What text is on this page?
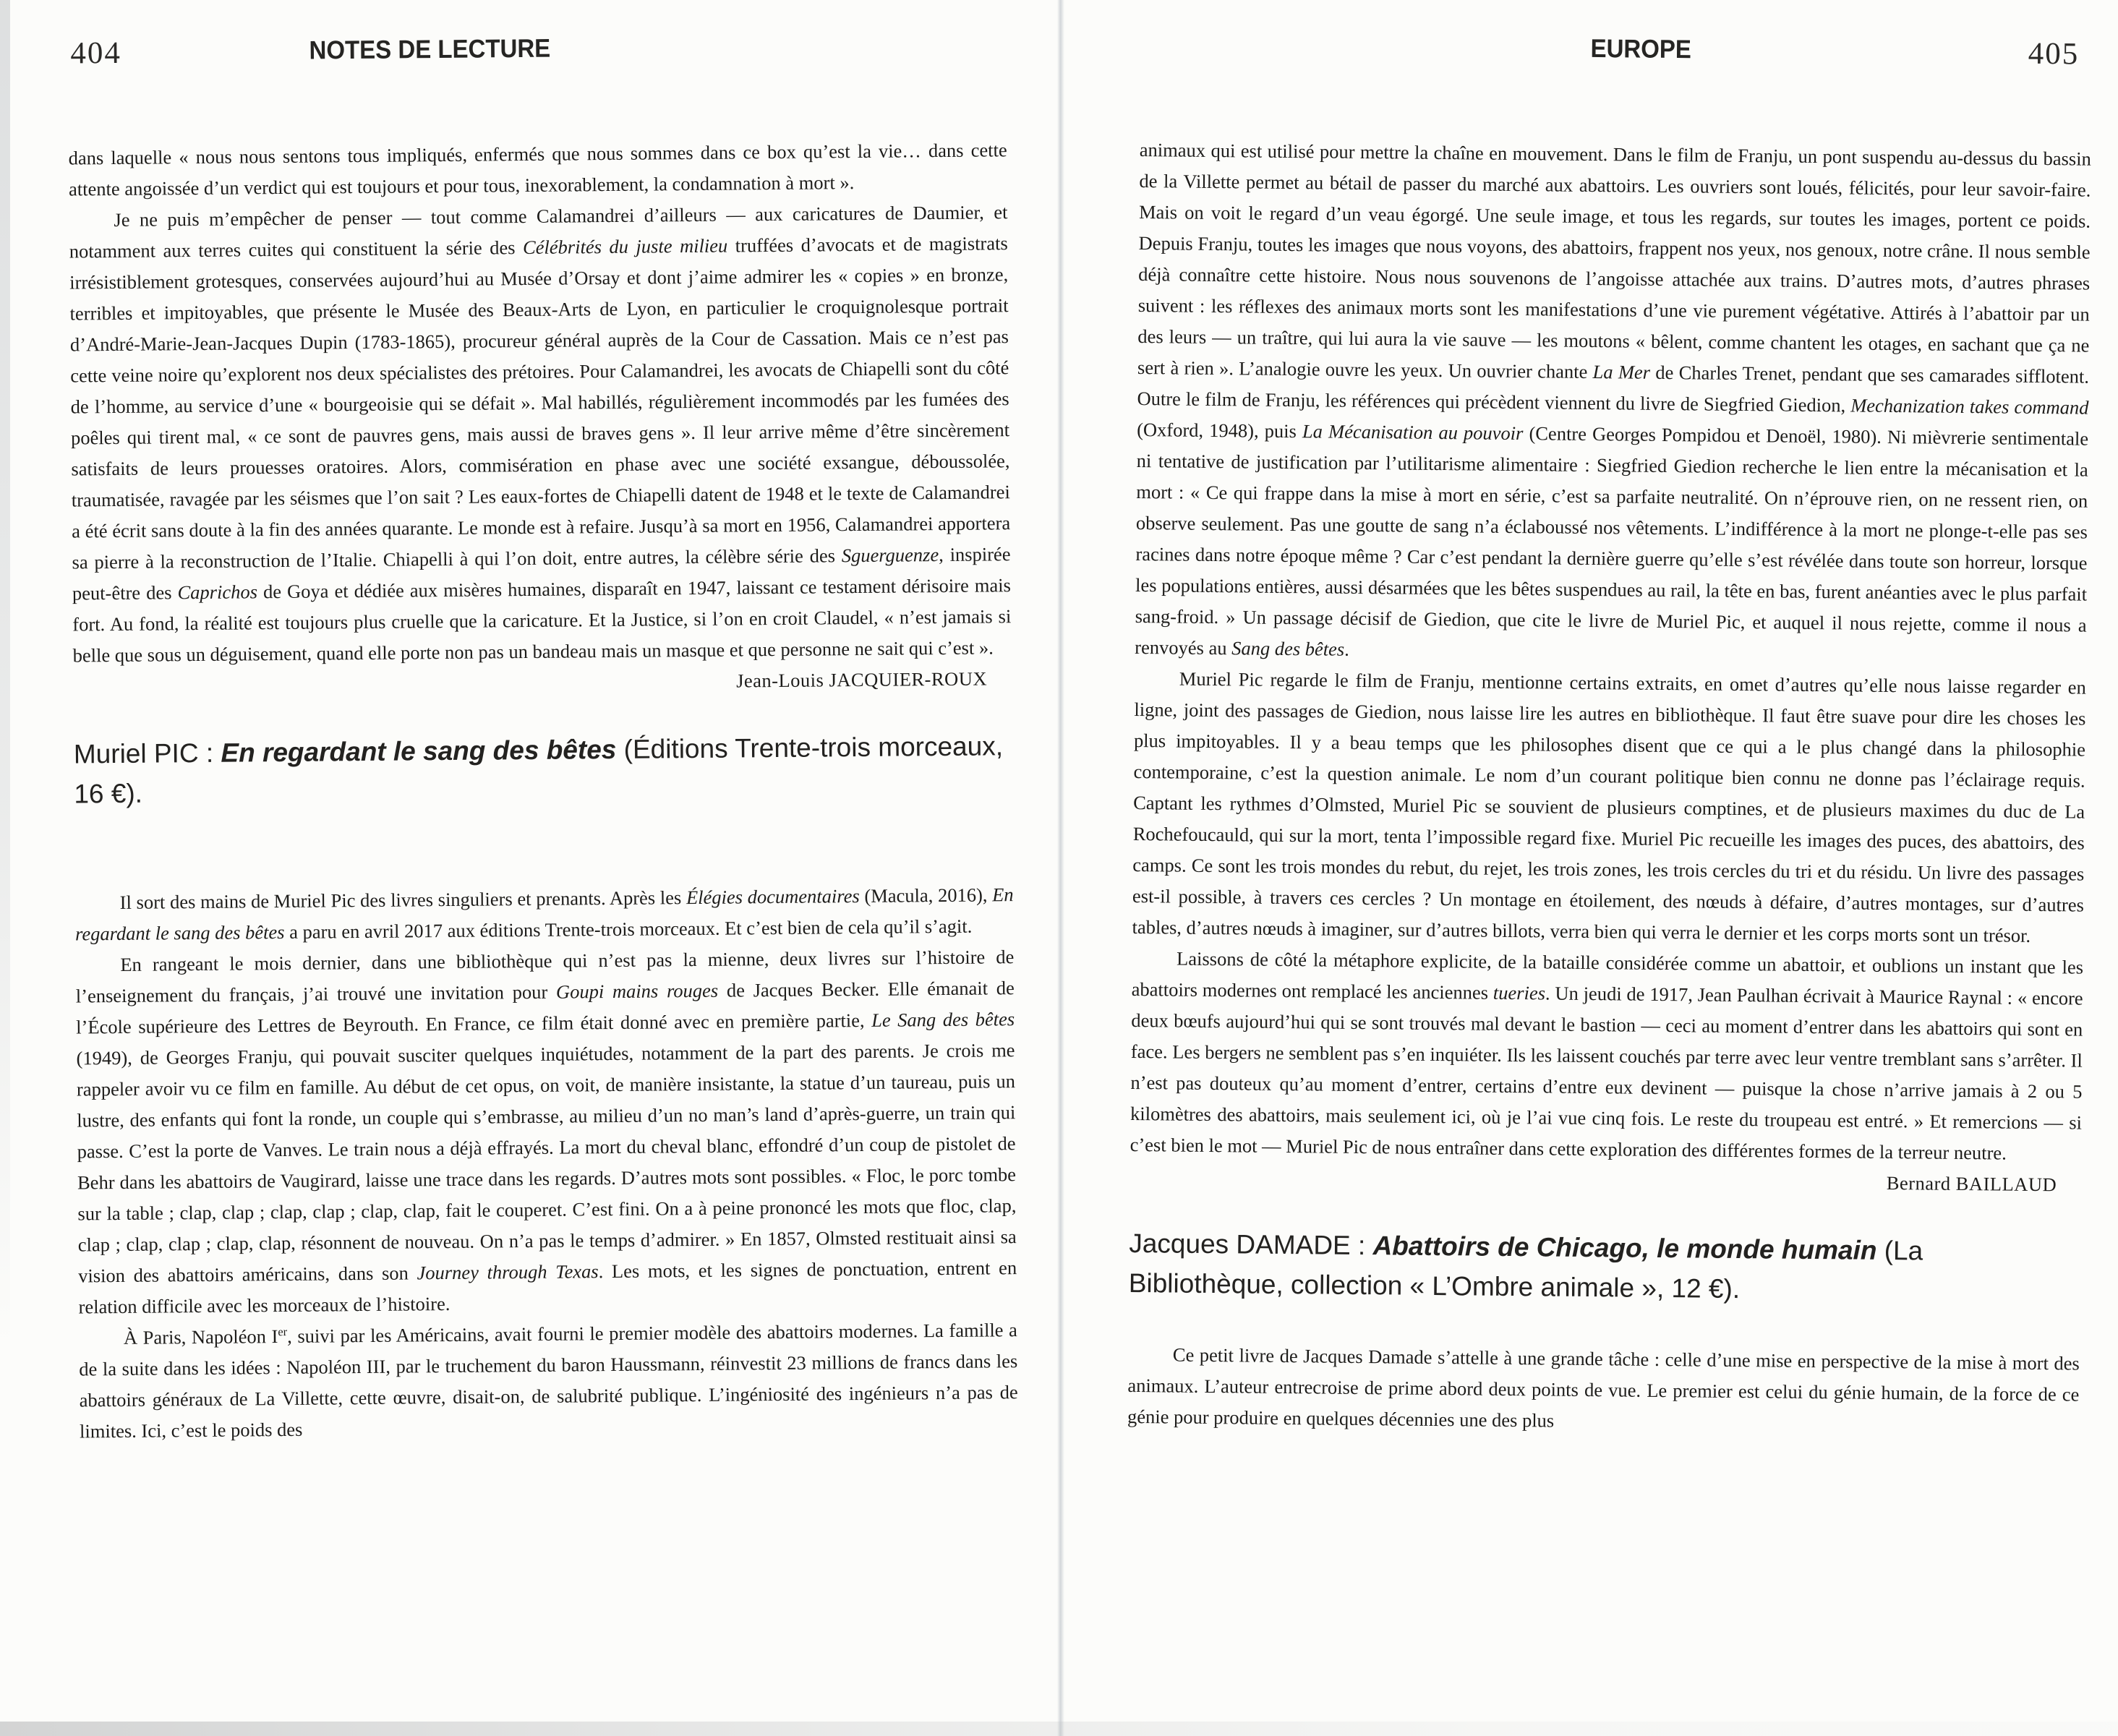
404	NOTES DE LECTURE

dans laquelle « nous nous sentons tous impliqués, enfermés que nous sommes dans ce box qu’est la vie… dans cette attente angoissée d’un verdict qui est toujours et pour tous, inexorablement, la condamnation à mort ».

Je ne puis m’empêcher de penser — tout comme Calamandrei d’ailleurs — aux caricatures de Daumier, et notamment aux terres cuites qui constituent la série des Célébrités du juste milieu truffées d’avocats et de magistrats irrésistiblement grotesques, conservées aujourd’hui au Musée d’Orsay et dont j’aime admirer les « copies » en bronze, terribles et impitoyables, que présente le Musée des Beaux-Arts de Lyon, en particulier le croquignolesque portrait d’André-Marie-Jean-Jacques Dupin (1783-1865), procureur général auprès de la Cour de Cassation. Mais ce n’est pas cette veine noire qu’explorent nos deux spécialistes des prétoires. Pour Calamandrei, les avocats de Chiapelli sont du côté de l’homme, au service d’une « bourgeoisie qui se défait ». Mal habillés, régulièrement incommodés par les fumées des poêles qui tirent mal, « ce sont de pauvres gens, mais aussi de braves gens ». Il leur arrive même d’être sincèrement satisfaits de leurs prouesses oratoires. Alors, commisération en phase avec une société exsangue, déboussolée, traumatisée, ravagée par les séismes que l’on sait ? Les eaux-fortes de Chiapelli datent de 1948 et le texte de Calamandrei a été écrit sans doute à la fin des années quarante. Le monde est à refaire. Jusqu’à sa mort en 1956, Calamandrei apportera sa pierre à la reconstruction de l’Italie. Chiapelli à qui l’on doit, entre autres, la célèbre série des Sguerguenze, inspirée peut-être des Caprichos de Goya et dédiée aux misères humaines, disparaît en 1947, laissant ce testament dérisoire mais fort. Au fond, la réalité est toujours plus cruelle que la caricature. Et la Justice, si l’on en croit Claudel, « n’est jamais si belle que sous un déguisement, quand elle porte non pas un bandeau mais un masque et que personne ne sait qui c’est ».

Jean-Louis JACQUIER-ROUX

Muriel PIC : En regardant le sang des bêtes (Éditions Trente-trois morceaux, 16 €).

Il sort des mains de Muriel Pic des livres singuliers et prenants. Après les Élégies documentaires (Macula, 2016), En regardant le sang des bêtes a paru en avril 2017 aux éditions Trente-trois morceaux. Et c’est bien de cela qu’il s’agit.

En rangeant le mois dernier, dans une bibliothèque qui n’est pas la mienne, deux livres sur l’histoire de l’enseignement du français, j’ai trouvé une invitation pour Goupi mains rouges de Jacques Becker. Elle émanait de l’École supérieure des Lettres de Beyrouth. En France, ce film était donné avec en première partie, Le Sang des bêtes (1949), de Georges Franju, qui pouvait susciter quelques inquiétudes, notamment de la part des parents. Je crois me rappeler avoir vu ce film en famille. Au début de cet opus, on voit, de manière insistante, la statue d’un taureau, puis un lustre, des enfants qui font la ronde, un couple qui s’embrasse, au milieu d’un no man’s land d’après-guerre, un train qui passe. C’est la porte de Vanves. Le train nous a déjà effrayés. La mort du cheval blanc, effondré d’un coup de pistolet de Behr dans les abattoirs de Vaugirard, laisse une trace dans les regards. D’autres mots sont possibles. « Floc, le porc tombe sur la table ; clap, clap ; clap, clap ; clap, clap, fait le couperet. C’est fini. On a à peine prononcé les mots que floc, clap, clap ; clap, clap ; clap, clap, résonnent de nouveau. On n’a pas le temps d’admirer. » En 1857, Olmsted restituait ainsi sa vision des abattoirs américains, dans son Journey through Texas. Les mots, et les signes de ponctuation, entrent en relation difficile avec les morceaux de l’histoire.

À Paris, Napoléon Ier, suivi par les Américains, avait fourni le premier modèle des abattoirs modernes. La famille a de la suite dans les idées : Napoléon III, par le truchement du baron Haussmann, réinvestit 23 millions de francs dans les abattoirs généraux de La Villette, cette œuvre, disait-on, de salubrité publique. L’ingéniosité des ingénieurs n’a pas de limites. Ici, c’est le poids des

EUROPE	405

animaux qui est utilisé pour mettre la chaîne en mouvement. Dans le film de Franju, un pont suspendu au-dessus du bassin de la Villette permet au bétail de passer du marché aux abattoirs. Les ouvriers sont loués, félicités, pour leur savoir-faire. Mais on voit le regard d’un veau égorgé. Une seule image, et tous les regards, sur toutes les images, portent ce poids. Depuis Franju, toutes les images que nous voyons, des abattoirs, frappent nos yeux, nos genoux, notre crâne. Il nous semble déjà connaître cette histoire. Nous nous souvenons de l’angoisse attachée aux trains. D’autres mots, d’autres phrases suivent : les réflexes des animaux morts sont les manifestations d’une vie purement végétative. Attirés à l’abattoir par un des leurs — un traître, qui lui aura la vie sauve — les moutons « bêlent, comme chantent les otages, en sachant que ça ne sert à rien ». L’analogie ouvre les yeux. Un ouvrier chante La Mer de Charles Trenet, pendant que ses camarades sifflotent. Outre le film de Franju, les références qui précèdent viennent du livre de Siegfried Giedion, Mechanization takes command (Oxford, 1948), puis La Mécanisation au pouvoir (Centre Georges Pompidou et Denoël, 1980). Ni mièvrerie sentimentale ni tentative de justification par l’utilitarisme alimentaire : Siegfried Giedion recherche le lien entre la mécanisation et la mort : « Ce qui frappe dans la mise à mort en série, c’est sa parfaite neutralité. On n’éprouve rien, on ne ressent rien, on observe seulement. Pas une goutte de sang n’a éclaboussé nos vêtements. L’indifférence à la mort ne plonge-t-elle pas ses racines dans notre époque même ? Car c’est pendant la dernière guerre qu’elle s’est révélée dans toute son horreur, lorsque les populations entières, aussi désarmées que les bêtes suspendues au rail, la tête en bas, furent anéanties avec le plus parfait sang-froid. » Un passage décisif de Giedion, que cite le livre de Muriel Pic, et auquel il nous rejette, comme il nous a renvoyés au Sang des bêtes.

Muriel Pic regarde le film de Franju, mentionne certains extraits, en omet d’autres qu’elle nous laisse regarder en ligne, joint des passages de Giedion, nous laisse lire les autres en bibliothèque. Il faut être suave pour dire les choses les plus impitoyables. Il y a beau temps que les philosophes disent que ce qui a le plus changé dans la philosophie contemporaine, c’est la question animale. Le nom d’un courant politique bien connu ne donne pas l’éclairage requis. Captant les rythmes d’Olmsted, Muriel Pic se souvient de plusieurs comptines, et de plusieurs maximes du duc de La Rochefoucauld, qui sur la mort, tenta l’impossible regard fixe. Muriel Pic recueille les images des puces, des abattoirs, des camps. Ce sont les trois mondes du rebut, du rejet, les trois zones, les trois cercles du tri et du résidu. Un livre des passages est-il possible, à travers ces cercles ? Un montage en étoilement, des nœuds à défaire, d’autres montages, sur d’autres tables, d’autres nœuds à imaginer, sur d’autres billots, verra bien qui verra le dernier et les corps morts sont un trésor.

Laissons de côté la métaphore explicite, de la bataille considérée comme un abattoir, et oublions un instant que les abattoirs modernes ont remplacé les anciennes tueries. Un jeudi de 1917, Jean Paulhan écrivait à Maurice Raynal : « encore deux bœufs aujourd’hui qui se sont trouvés mal devant le bastion — ceci au moment d’entrer dans les abattoirs qui sont en face. Les bergers ne semblent pas s’en inquiéter. Ils les laissent couchés par terre avec leur ventre tremblant sans s’arrêter. Il n’est pas douteux qu’au moment d’entrer, certains d’entre eux devinent — puisque la chose n’arrive jamais à 2 ou 5 kilomètres des abattoirs, mais seulement ici, où je l’ai vue cinq fois. Le reste du troupeau est entré. » Et remercions — si c’est bien le mot — Muriel Pic de nous entraîner dans cette exploration des différentes formes de la terreur neutre.

Bernard BAILLAUD

Jacques DAMADE : Abattoirs de Chicago, le monde humain (La Bibliothèque, collection « L’Ombre animale », 12 €).

Ce petit livre de Jacques Damade s’attelle à une grande tâche : celle d’une mise en perspective de la mise à mort des animaux. L’auteur entrecroise de prime abord deux points de vue. Le premier est celui du génie humain, de la force de ce génie pour produire en quelques décennies une des plus
